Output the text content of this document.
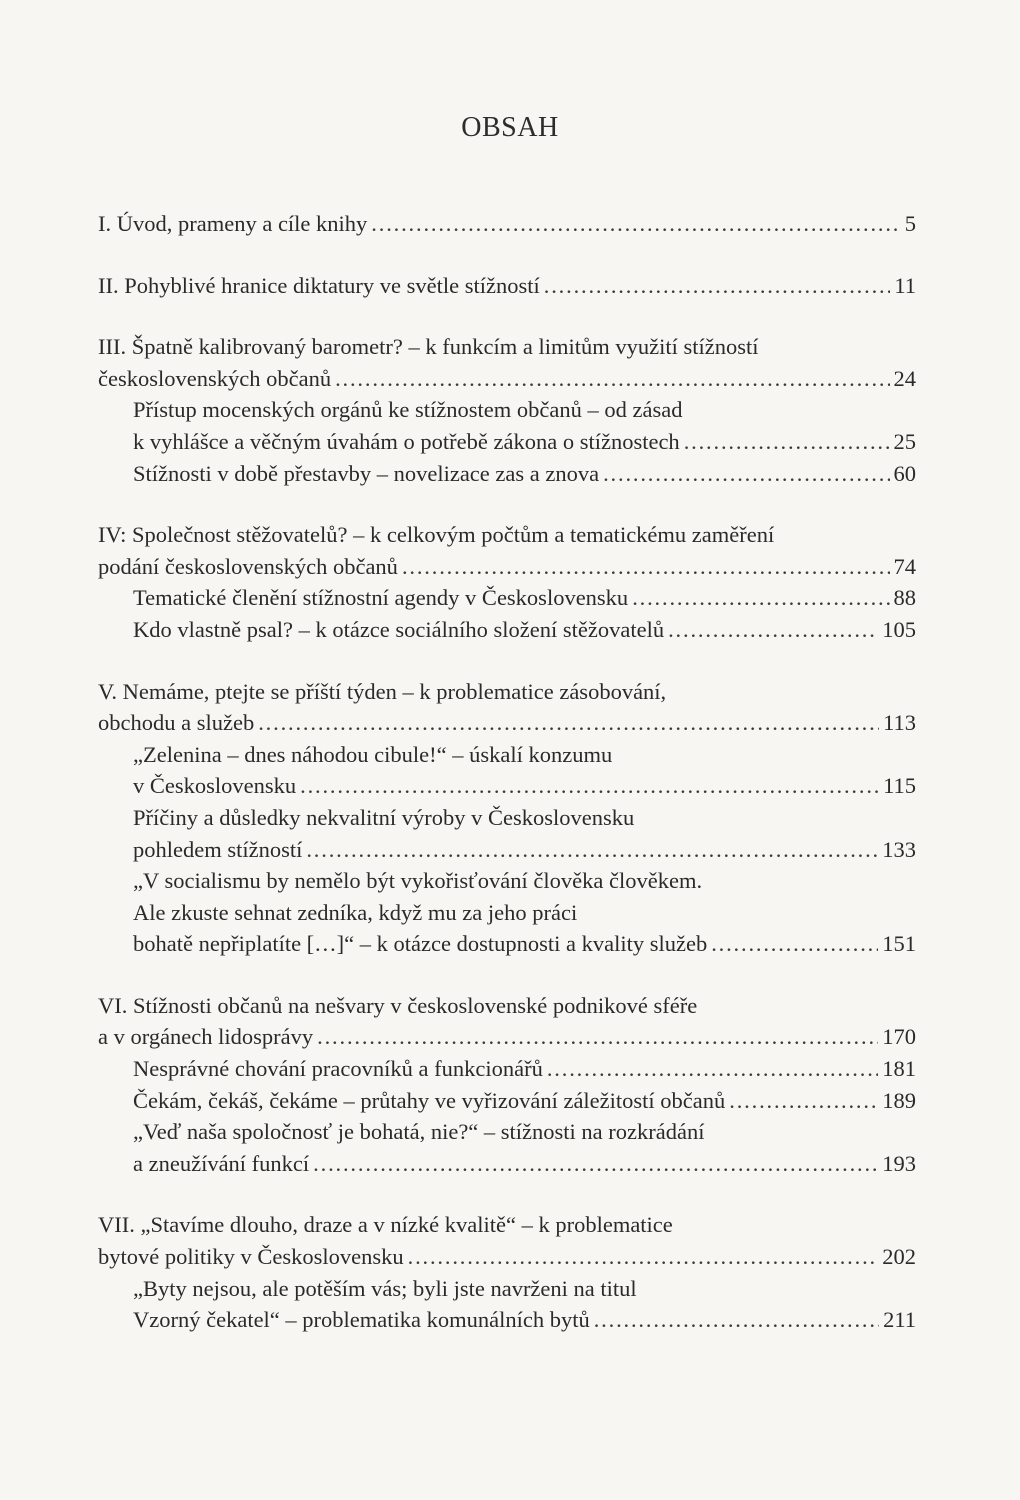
OBSAH
I. Úvod, prameny a cíle knihy . . .	5
II. Pohyblivé hranice diktatury ve světle stížností . . .	11
III. Špatně kalibrovaný barometr? – k funkcím a limitům využití stížností
československých občanů . . .	24
Přístup mocenských orgánů ke stížnostem občanů – od zásad
k vyhlášce a věčným úvahám o potřebě zákona o stížnostech . . .	25
Stížnosti v době přestavby – novelizace zas a znova . . .	60
IV: Společnost stěžovatelů? – k celkovým počtům a tematickému zaměření
podání československých občanů . . .	74
Tematické členění stížnostní agendy v Československu . . .	88
Kdo vlastně psal? – k otázce sociálního složení stěžovatelů . . .	105
V. Nemáme, ptejte se příští týden – k problematice zásobování,
obchodu a služeb . . .	113
„Zelenina – dnes náhodou cibule!“ – úskalí konzumu
v Československu . . .	115
Příčiny a důsledky nekvalitní výroby v Československu
pohledem stížností . . .	133
„V socialismu by nemělo být vykořisťování člověka člověkem.
Ale zkuste sehnat zedníka, když mu za jeho práci
bohatě nepřiplatíte […]“ – k otázce dostupnosti a kvality služeb . . .	151
VI. Stížnosti občanů na nešvary v československé podnikové sféře
a v orgánech lidosprávy . . .	170
Nesprávné chování pracovníků a funkcionářů . . .	181
Čekám, čekáš, čekáme – průtahy ve vyřizování záležitostí občanů . . .	189
„Veď naša spoločnosť je bohatá, nie?“ – stížnosti na rozkrádání
a zneužívání funkcí . . .	193
VII. „Stavíme dlouho, draze a v nízké kvalitě“ – k problematice
bytové politiky v Československu . . .	202
„Byty nejsou, ale potěším vás; byli jste navrženi na titul
Vzorný čekatel“ – problematika komunálních bytů . . .	211
